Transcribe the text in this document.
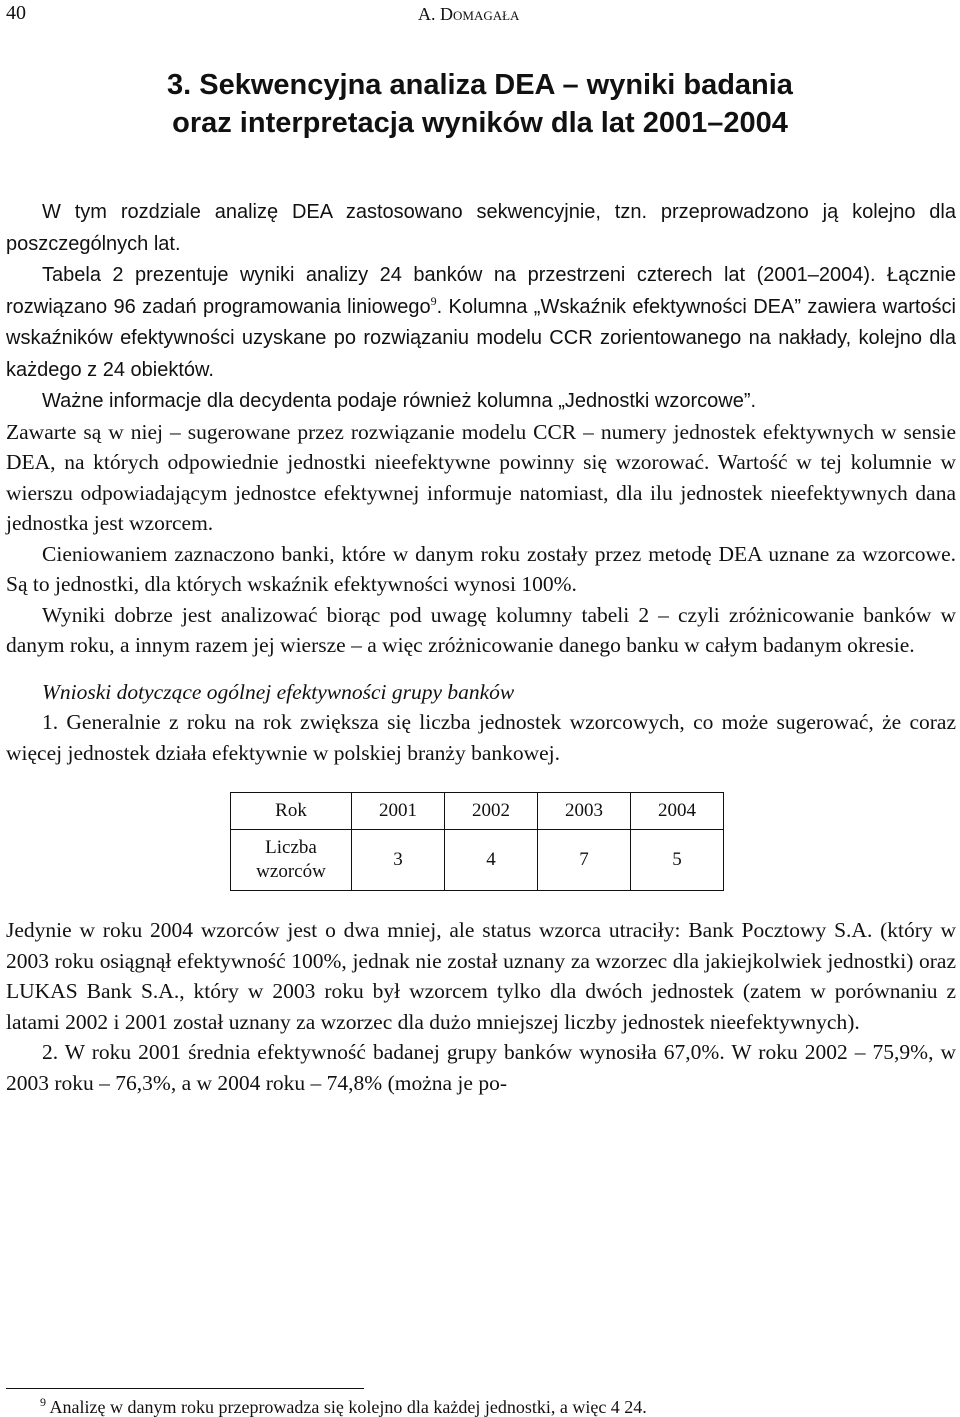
40	A. Domagała
3. Sekwencyjna analiza DEA – wyniki badania
oraz interpretacja wyników dla lat 2001–2004

W tym rozdziale analizę DEA zastosowano sekwencyjnie, tzn. przeprowadzono ją kolejno dla poszczególnych lat.

Tabela 2 prezentuje wyniki analizy 24 banków na przestrzeni czterech lat (2001–2004). Łącznie rozwiązano 96 zadań programowania liniowego$^9$. Kolumna „Wskaźnik efektywności DEA” zawiera wartości wskaźników efektywności uzyskane po rozwiązaniu modelu CCR zorientowanego na nakłady, kolejno dla każdego z 24 obiektów.

Ważne informacje dla decydenta podaje również kolumna „Jednostki wzorcowe”.

Zawarte są w niej – sugerowane przez rozwiązanie modelu CCR – numery jednostek efektywnych w sensie DEA, na których odpowiednie jednostki nieefektywne powinny się wzorować. Wartość w tej kolumnie w wierszu odpowiadającym jednostce efektywnej informuje natomiast, dla ilu jednostek nieefektywnych dana jednostka jest wzorcem.

Cieniowaniem zaznaczono banki, które w danym roku zostały przez metodę DEA uznane za wzorcowe. Są to jednostki, dla których wskaźnik efektywności wynosi 100%.

Wyniki dobrze jest analizować biorąc pod uwagę kolumny tabeli 2 – czyli zróżnicowanie banków w danym roku, a innym razem jej wiersze – a więc zróżnicowanie danego banku w całym badanym okresie.

Wnioski dotyczące ogólnej efektywności grupy banków

1. Generalnie z roku na rok zwiększa się liczba jednostek wzorcowych, co może sugerować, że coraz więcej jednostek działa efektywnie w polskiej branży bankowej.

Rok	2001	2002	2003	2004
Liczba wzorców	3	4	7	5

Jedynie w roku 2004 wzorców jest o dwa mniej, ale status wzorca utraciły: Bank Pocztowy S.A. (który w 2003 roku osiągnął efektywność 100%, jednak nie został uznany za wzorzec dla jakiejkolwiek jednostki) oraz LUKAS Bank S.A., który w 2003 roku był wzorcem tylko dla dwóch jednostek (zatem w porównaniu z latami 2002 i 2001 został uznany za wzorzec dla dużo mniejszej liczby jednostek nieefektywnych).

2. W roku 2001 średnia efektywność badanej grupy banków wynosiła 67,0%. W roku 2002 – 75,9%, w 2003 roku – 76,3%, a w 2004 roku – 74,8% (można je po-

$^9$ Analizę w danym roku przeprowadza się kolejno dla każdej jednostki, a więc 4 24.
